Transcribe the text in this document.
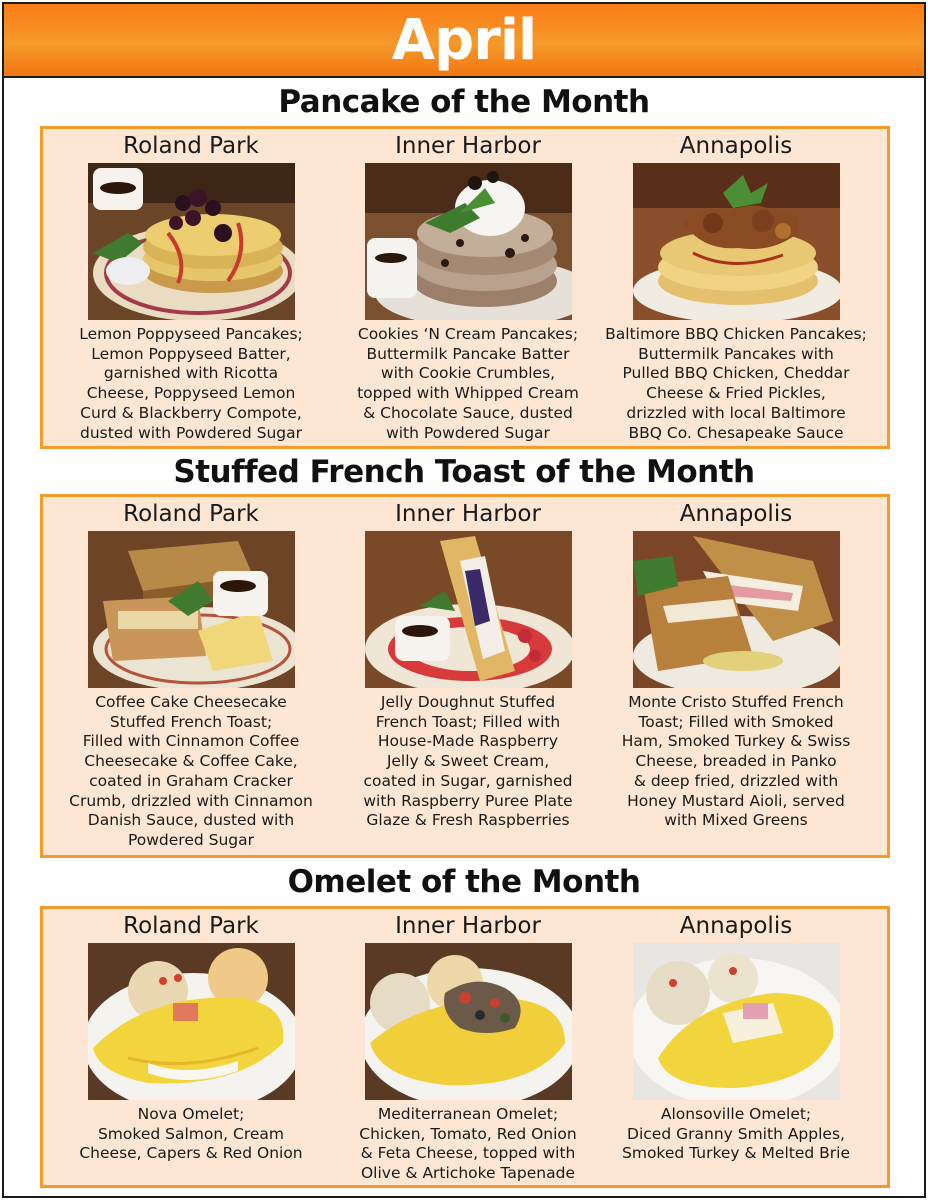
April
Pancake of the Month
Roland Park
Lemon Poppyseed Pancakes;
Lemon Poppyseed Batter,
garnished with Ricotta
Cheese, Poppyseed Lemon
Curd & Blackberry Compote,
dusted with Powdered Sugar
Inner Harbor
Cookies ‘N Cream Pancakes;
Buttermilk Pancake Batter
with Cookie Crumbles,
topped with Whipped Cream
& Chocolate Sauce, dusted
with Powdered Sugar
Annapolis
Baltimore BBQ Chicken Pancakes;
Buttermilk Pancakes with
Pulled BBQ Chicken, Cheddar
Cheese & Fried Pickles,
drizzled with local Baltimore
BBQ Co. Chesapeake Sauce
Stuffed French Toast of the Month
Roland Park
Coffee Cake Cheesecake
Stuffed French Toast;
Filled with Cinnamon Coffee
Cheesecake & Coffee Cake,
coated in Graham Cracker
Crumb, drizzled with Cinnamon
Danish Sauce, dusted with
Powdered Sugar
Inner Harbor
Jelly Doughnut Stuffed
French Toast; Filled with
House-Made Raspberry
Jelly & Sweet Cream,
coated in Sugar, garnished
with Raspberry Puree Plate
Glaze & Fresh Raspberries
Annapolis
Monte Cristo Stuffed French
Toast; Filled with Smoked
Ham, Smoked Turkey & Swiss
Cheese, breaded in Panko
& deep fried, drizzled with
Honey Mustard Aioli, served
with Mixed Greens
Omelet of the Month
Roland Park
Nova Omelet;
Smoked Salmon, Cream
Cheese, Capers & Red Onion
Inner Harbor
Mediterranean Omelet;
Chicken, Tomato, Red Onion
& Feta Cheese, topped with
Olive & Artichoke Tapenade
Annapolis
Alonsoville Omelet;
Diced Granny Smith Apples,
Smoked Turkey & Melted Brie
